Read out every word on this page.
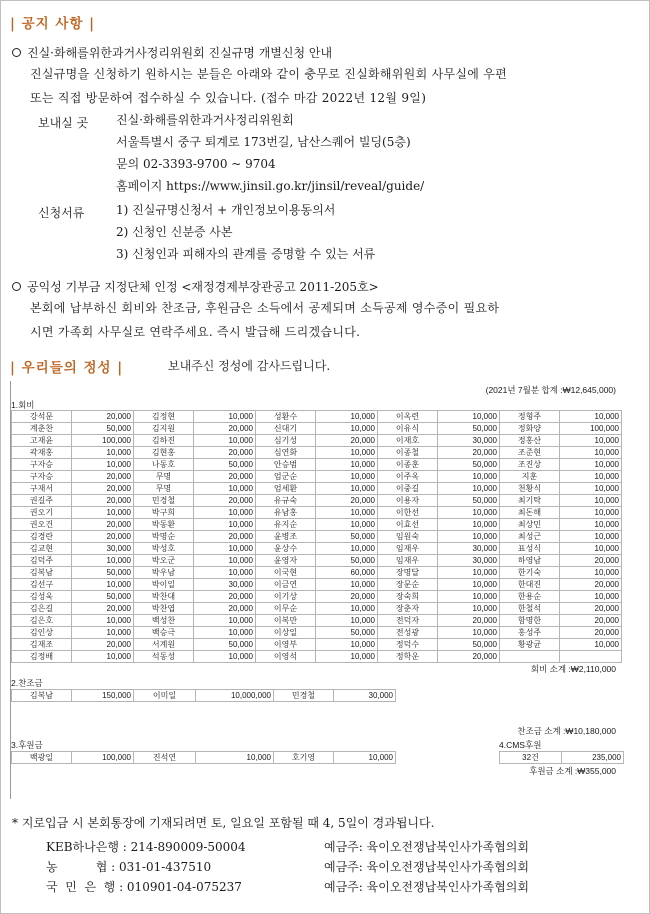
| 공지 사항 |
진실·화해를위한과거사정리위원회 진실규명 개별신청 안내
진실규명을 신청하기 원하시는 분들은 아래와 같이 충무로 진실화해위원회 사무실에 우편
또는 직접 방문하여 접수하실 수 있습니다. (접수 마감 2022년 12월 9일)
보내실 곳 진실·화해를위한과거사정리위원회
서울특별시 중구 퇴계로 173번길, 남산스퀘어 빌딩(5층)
문의 02-3393-9700 ~ 9704
홈페이지 https://www.jinsil.go.kr/jinsil/reveal/guide/
신청서류	1) 진실규명신청서 + 개인정보이용동의서
2) 신청인 신분증 사본
3) 신청인과 피해자의 관계를 증명할 수 있는 서류
공익성 기부금 지정단체 인정 <재정경제부장관공고 2011-205호>
본회에 납부하신 회비와 찬조금, 후원금은 소득에서 공제되며 소득공제 영수증이 필요하
시면 가족회 사무실로 연락주세요. 즉시 발급해 드리겠습니다.
| 우리들의 정성 |	보내주신 정성에 감사드립니다.
(2021년 7월분 합계 :₩12,645,000)
1.회비
강석문	20,000	김정현	10,000	성환수	10,000	이옥련	10,000	정형주	10,000
계춘찬	50,000	김지원	20,000	신대기	10,000	이유식	50,000	정화양	100,000
고재윤	100,000	김하진	10,000	심기성	20,000	이재호	30,000	정홍산	10,000
곽재홍	10,000	김현홍	20,000	심연화	10,000	이종철	20,000	조준현	10,000
구자승	10,000	나동호	50,000	안승범	10,000	이종훈	50,000	조진상	10,000
구자승	20,000	무명	20,000	엄군순	10,000	이주옥	10,000	지훈	10,000
구재서	20,000	무명	10,000	엄세환	10,000	이중길	10,000	천황식	10,000
권길주	20,000	민경철	20,000	유규숙	20,000	이용자	50,000	최기탁	10,000
권오기	10,000	박구희	10,000	유남홍	10,000	이한선	10,000	최돈해	10,000
권오건	20,000	박동환	10,000	유지순	10,000	이효선	10,000	최상민	10,000
김경란	20,000	박명순	20,000	윤병조	50,000	임원숙	10,000	최성근	10,000
김교현	30,000	박성호	10,000	윤상수	10,000	임재우	30,000	표성식	10,000
김덕주	10,000	박오군	10,000	윤영자	50,000	임재우	30,000	하영남	20,000
김복남	50,000	박우남	10,000	이국현	60,000	장명달	10,000	한기숙	10,000
김선구	10,000	박이일	30,000	이금연	10,000	장문순	10,000	한대진	20,000
김성욱	50,000	박찬대	20,000	이기상	20,000	장숙희	10,000	한용순	10,000
김은길	20,000	박찬엽	20,000	이무순	10,000	장춘자	10,000	한철석	20,000
김은호	10,000	백성찬	10,000	이복만	10,000	전덕자	20,000	함명한	20,000
김인상	10,000	백승극	10,000	이상일	50,000	전성광	10,000	홍성주	20,000
김재조	20,000	서계원	50,000	이영부	10,000	정덕수	50,000	황광균	10,000
김정배	10,000	석동성	10,000	이영석	10,000	정학운	20,000		
회비 소계 :₩2,110,000
2.찬조금
김복남	150,000	이미일	10,000,000	민경철	30,000
찬조금 소계 :₩10,180,000
3.후원금
백광일	100,000	진석연	10,000	호기영	10,000
4.CMS후원
32건	235,000
후원금 소계 :₩355,000
* 지로입금 시 본회통장에 기재되려면 토, 일요일 포함될 때 4, 5일이 경과됩니다.
KEB하나은행 : 214-890009-50004	예금주: 육이오전쟁납북인사가족협의회
농          협 : 031-01-437510	예금주: 육이오전쟁납북인사가족협의회
국  민  은  행 : 010901-04-075237	예금주: 육이오전쟁납북인사가족협의회
